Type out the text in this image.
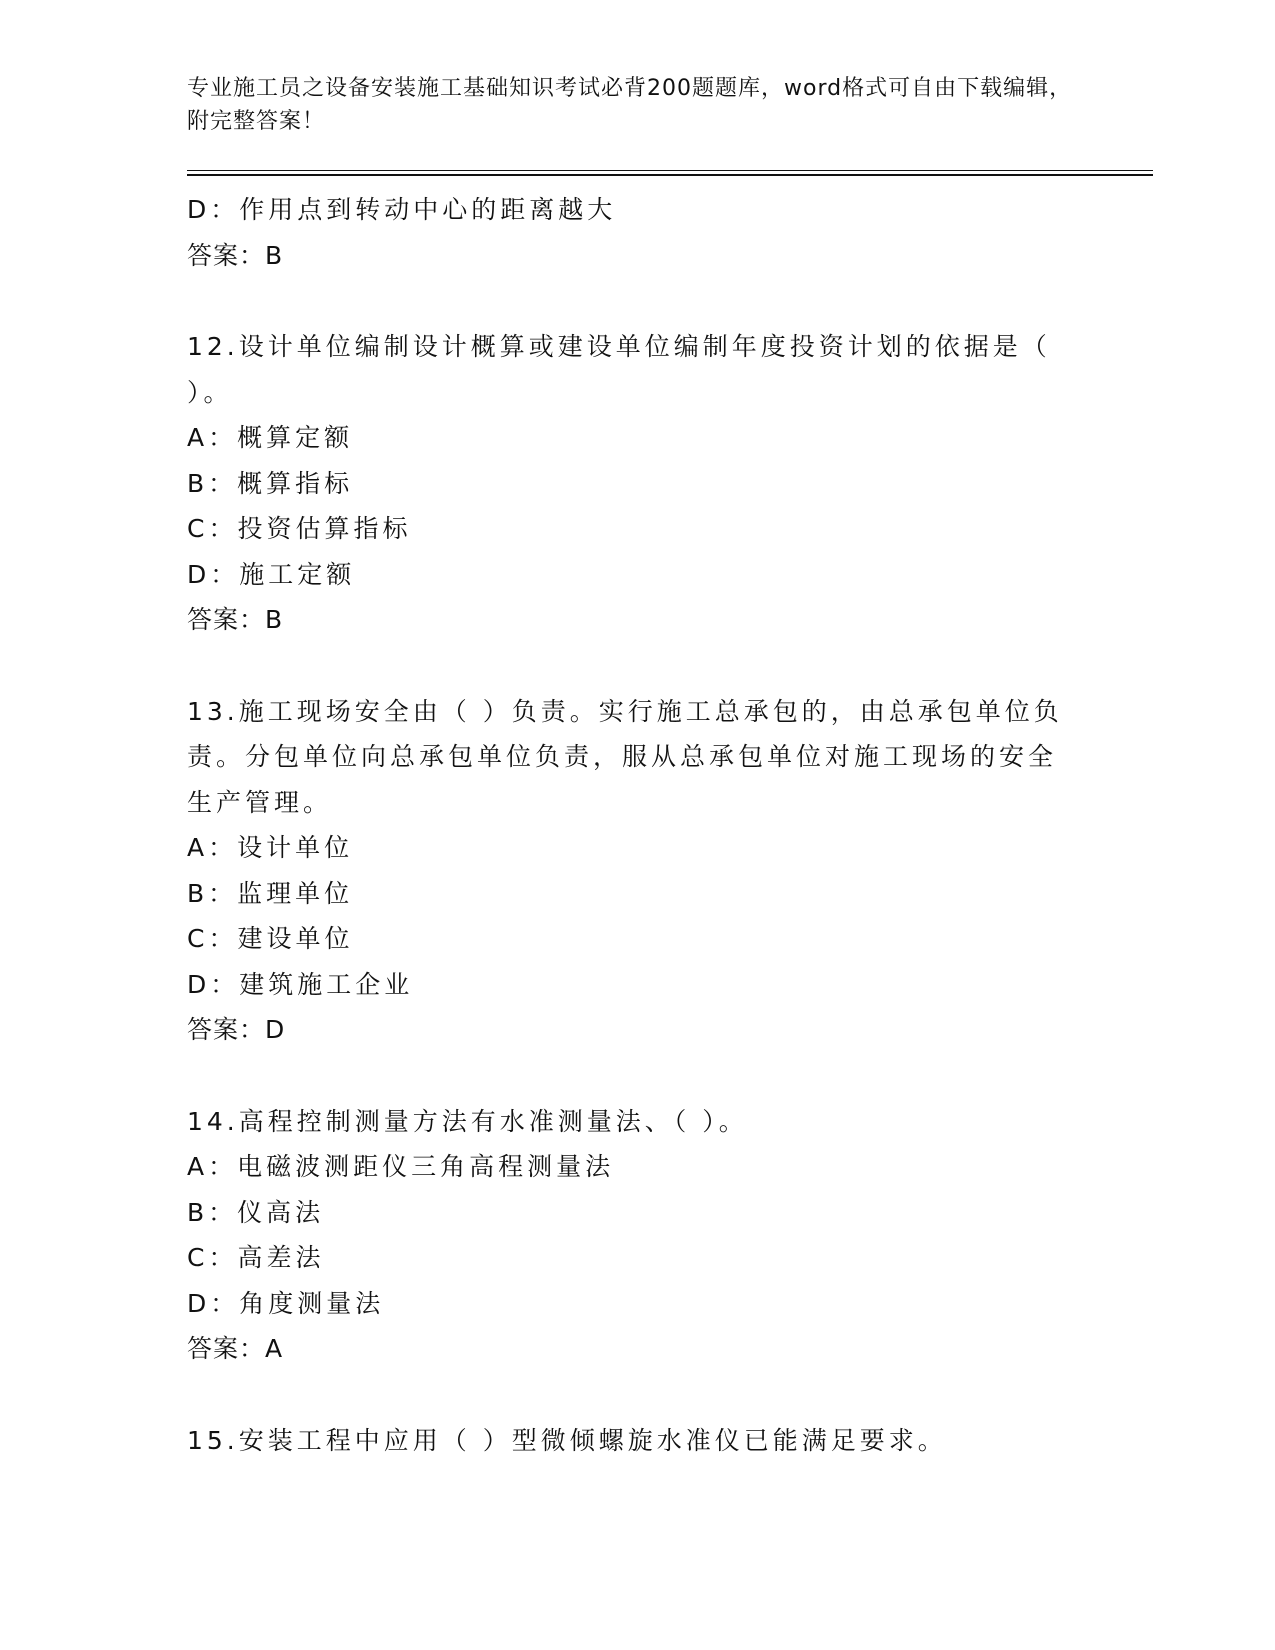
专业施工员之设备安装施工基础知识考试必背200题题库，word格式可自由下载编辑，附完整答案！
D：作用点到转动中心的距离越大
答案：B
12.设计单位编制设计概算或建设单位编制年度投资计划的依据是（ ）。
A：概算定额
B：概算指标
C：投资估算指标
D：施工定额
答案：B
13.施工现场安全由（ ）负责。实行施工总承包的，由总承包单位负责。分包单位向总承包单位负责，服从总承包单位对施工现场的安全生产管理。
A：设计单位
B：监理单位
C：建设单位
D：建筑施工企业
答案：D
14.高程控制测量方法有水准测量法、（ ）。
A：电磁波测距仪三角高程测量法
B：仪高法
C：高差法
D：角度测量法
答案：A
15.安装工程中应用（ ）型微倾螺旋水准仪已能满足要求。
